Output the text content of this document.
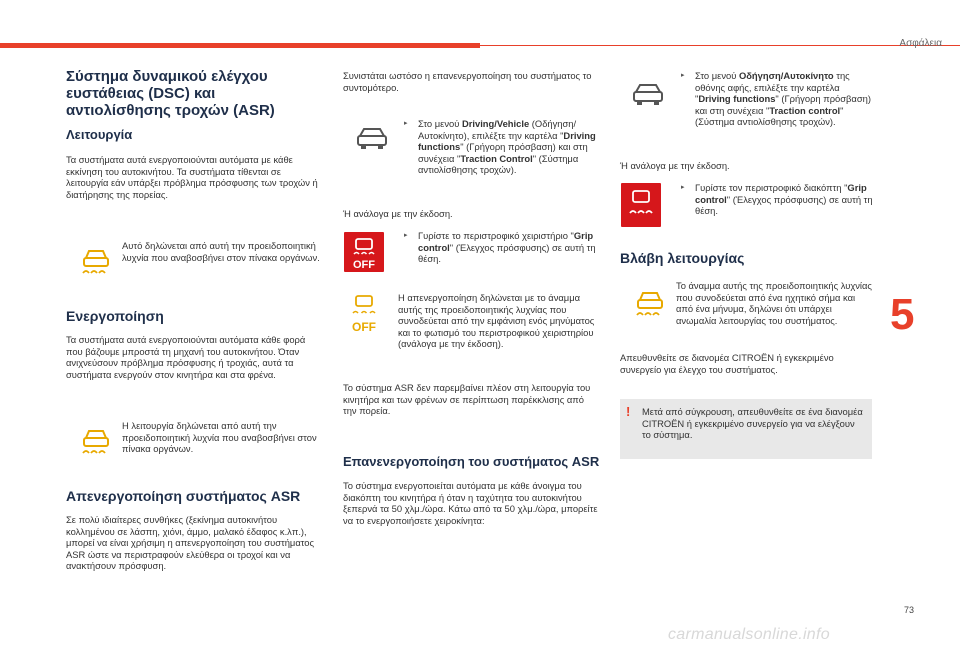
Ασφάλεια
5
73
carmanualsonline.info
Σύστημα δυναμικού ελέγχου ευστάθειας (DSC) και αντιολίσθησης τροχών (ASR)
Λειτουργία

Τα συστήματα αυτά ενεργοποιούνται αυτόματα με κάθε εκκίνηση του αυτοκινήτου. Τα συστήματα τίθενται σε λειτουργία εάν υπάρξει πρόβλημα πρόσφυσης των τροχών ή διατήρησης της πορείας.

Αυτό δηλώνεται από αυτή την προειδοποιητική λυχνία που αναβοσβήνει στον πίνακα οργάνων.

Ενεργοποίηση

Τα συστήματα αυτά ενεργοποιούνται αυτόματα κάθε φορά που βάζουμε μπροστά τη μηχανή του αυτοκινήτου. Όταν ανιχνεύσουν πρόβλημα πρόσφυσης ή τροχιάς, αυτά τα συστήματα ενεργούν στον κινητήρα και στα φρένα.

Η λειτουργία δηλώνεται από αυτή την προειδοποιητική λυχνία που αναβοσβήνει στον πίνακα οργάνων.

Απενεργοποίηση συστήματος ASR

Σε πολύ ιδιαίτερες συνθήκες (ξεκίνημα αυτοκινήτου κολλημένου σε λάσπη, χιόνι, άμμο, μαλακό έδαφος κ.λπ.), μπορεί να είναι χρήσιμη η απενεργοποίηση του συστήματος ASR ώστε να περιστραφούν ελεύθερα οι τροχοί και να ανακτήσουν πρόσφυση.

Συνιστάται ωστόσο η επανενεργοποίηση του συστήματος το συντομότερο.

▸ Στο μενού Driving/Vehicle (Οδήγηση/Αυτοκίνητο), επιλέξτε την καρτέλα "Driving functions" (Γρήγορη πρόσβαση) και στη συνέχεια "Traction Control" (Σύστημα αντιολίσθησης τροχών).

Ή ανάλογα με την έκδοση.

OFF

▸ Γυρίστε το περιστροφικό χειριστήριο "Grip control" (Έλεγχος πρόσφυσης) σε αυτή τη θέση.

OFF

Η απενεργοποίηση δηλώνεται με το άναμμα αυτής της προειδοποιητικής λυχνίας που συνοδεύεται από την εμφάνιση ενός μηνύματος και το φωτισμό του περιστροφικού χειριστηρίου (ανάλογα με την έκδοση).

Το σύστημα ASR δεν παρεμβαίνει πλέον στη λειτουργία του κινητήρα και των φρένων σε περίπτωση παρέκκλισης από την πορεία.

Επανενεργοποίηση του συστήματος ASR

Το σύστημα ενεργοποιείται αυτόματα με κάθε άνοιγμα του διακόπτη του κινητήρα ή όταν η ταχύτητα του αυτοκινήτου ξεπερνά τα 50 χλμ./ώρα. Κάτω από τα 50 χλμ./ώρα, μπορείτε να το ενεργοποιήσετε χειροκίνητα:

▸ Στο μενού Οδήγηση/Αυτοκίνητο της οθόνης αφής, επιλέξτε την καρτέλα "Driving functions" (Γρήγορη πρόσβαση) και στη συνέχεια "Traction control" (Σύστημα αντιολίσθησης τροχών).

Ή ανάλογα με την έκδοση.

▸ Γυρίστε τον περιστροφικό διακόπτη "Grip control" (Έλεγχος πρόσφυσης) σε αυτή τη θέση.

Βλάβη λειτουργίας

Το άναμμα αυτής της προειδοποιητικής λυχνίας που συνοδεύεται από ένα ηχητικό σήμα και από ένα μήνυμα, δηλώνει ότι υπάρχει ανωμαλία λειτουργίας του συστήματος.

Απευθυνθείτε σε διανομέα CITROËN ή εγκεκριμένο συνεργείο για έλεγχο του συστήματος.

! Μετά από σύγκρουση, απευθυνθείτε σε ένα διανομέα CITROËN ή εγκεκριμένο συνεργείο για να ελέγξουν το σύστημα.
